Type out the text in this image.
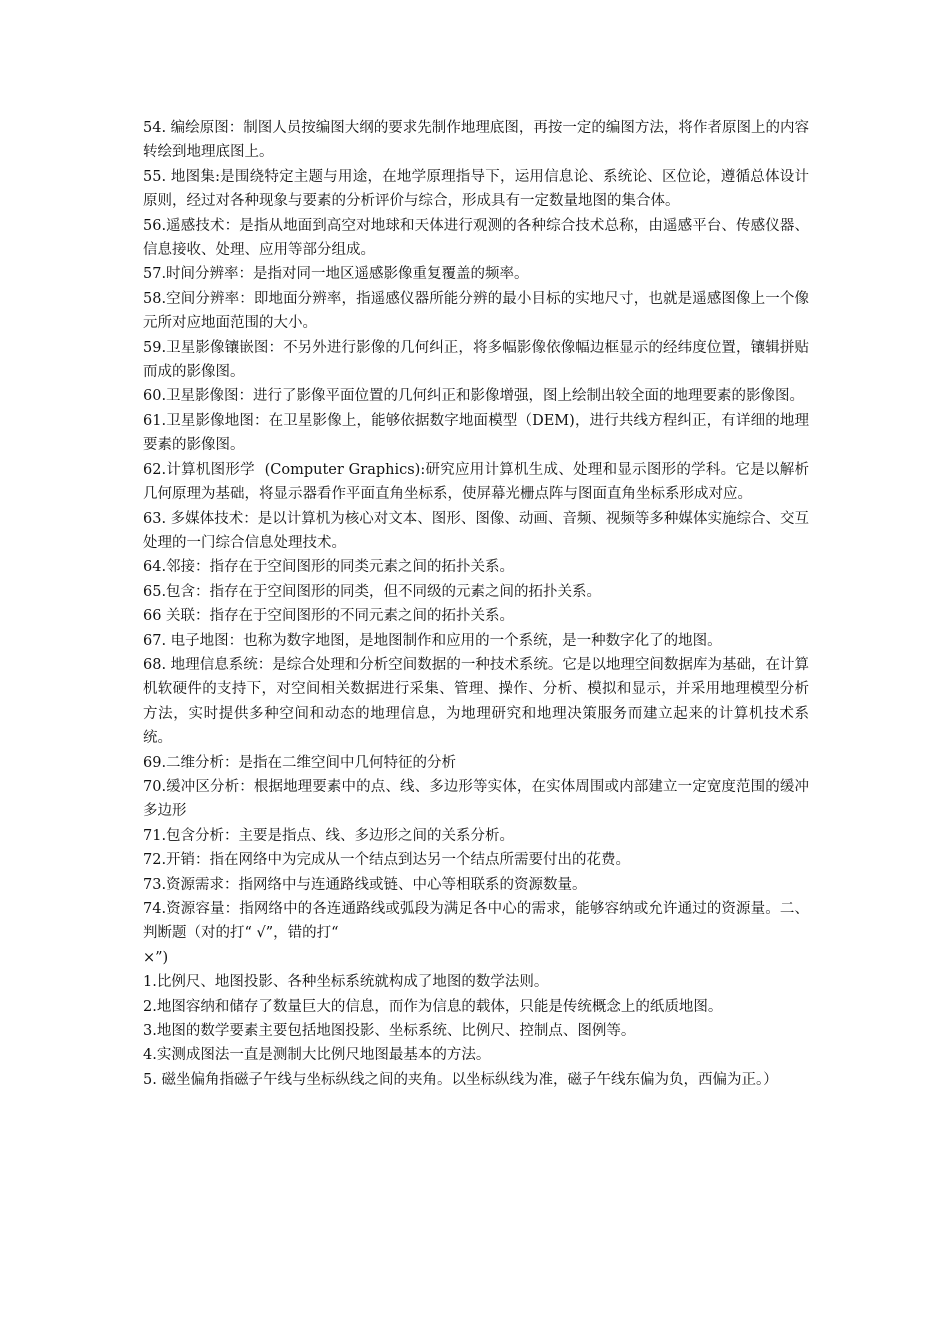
54. 编绘原图：制图人员按编图大纲的要求先制作地理底图，再按一定的编图方法，将作者原图上的内容转绘到地理底图上。

55. 地图集:是围绕特定主题与用途，在地学原理指导下，运用信息论、系统论、区位论，遵循总体设计原则，经过对各种现象与要素的分析评价与综合，形成具有一定数量地图的集合体。

56.遥感技术：是指从地面到高空对地球和天体进行观测的各种综合技术总称，由遥感平台、传感仪器、信息接收、处理、应用等部分组成。

57.时间分辨率：是指对同一地区遥感影像重复覆盖的频率。

58.空间分辨率：即地面分辨率，指遥感仪器所能分辨的最小目标的实地尺寸，也就是遥感图像上一个像元所对应地面范围的大小。

59.卫星影像镶嵌图：不另外进行影像的几何纠正，将多幅影像依像幅边框显示的经纬度位置，镶辑拼贴而成的影像图。

60.卫星影像图：进行了影像平面位置的几何纠正和影像增强，图上绘制出较全面的地理要素的影像图。

61.卫星影像地图：在卫星影像上，能够依据数字地面模型（DEM)，进行共线方程纠正，有详细的地理要素的影像图。

62.计算机图形学  (Computer Graphics):研究应用计算机生成、处理和显示图形的学科。它是以解析几何原理为基础，将显示器看作平面直角坐标系，使屏幕光栅点阵与图面直角坐标系形成对应。

63. 多媒体技术：是以计算机为核心对文本、图形、图像、动画、音频、视频等多种媒体实施综合、交互处理的一门综合信息处理技术。

64.邻接：指存在于空间图形的同类元素之间的拓扑关系。

65.包含：指存在于空间图形的同类，但不同级的元素之间的拓扑关系。

66 关联：指存在于空间图形的不同元素之间的拓扑关系。

67. 电子地图：也称为数字地图，是地图制作和应用的一个系统，是一种数字化了的地图。

68. 地理信息系统：是综合处理和分析空间数据的一种技术系统。它是以地理空间数据库为基础，在计算机软硬件的支持下，对空间相关数据进行采集、管理、操作、分析、模拟和显示，并采用地理模型分析方法，实时提供多种空间和动态的地理信息，为地理研究和地理决策服务而建立起来的计算机技术系统。

69.二维分析：是指在二维空间中几何特征的分析

70.缓冲区分析：根据地理要素中的点、线、多边形等实体，在实体周围或内部建立一定宽度范围的缓冲多边形

71.包含分析：主要是指点、线、多边形之间的关系分析。

72.开销：指在网络中为完成从一个结点到达另一个结点所需要付出的花费。

73.资源需求：指网络中与连通路线或链、中心等相联系的资源数量。

74.资源容量：指网络中的各连通路线或弧段为满足各中心的需求，能够容纳或允许通过的资源量。二、判断题（对的打“ √”，错的打“

×”)

1.比例尺、地图投影、各种坐标系统就构成了地图的数学法则。

2.地图容纳和储存了数量巨大的信息，而作为信息的载体，只能是传统概念上的纸质地图。

3.地图的数学要素主要包括地图投影、坐标系统、比例尺、控制点、图例等。

4.实测成图法一直是测制大比例尺地图最基本的方法。

5. 磁坐偏角指磁子午线与坐标纵线之间的夹角。以坐标纵线为准，磁子午线东偏为负，西偏为正。）
